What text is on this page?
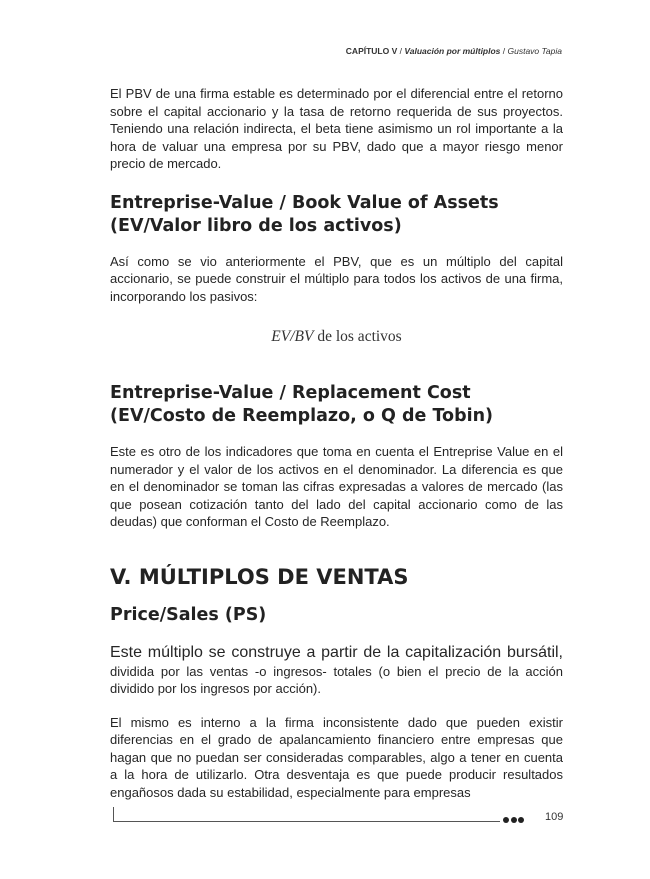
CAPÍTULO V / Valuación por múltiplos / Gustavo Tapia

El PBV de una firma estable es determinado por el diferencial entre el retorno sobre el capital accionario y la tasa de retorno requerida de sus proyectos. Teniendo una relación indirecta, el beta tiene asimismo un rol importante a la hora de valuar una empresa por su PBV, dado que a mayor riesgo menor precio de mercado.

Entreprise-Value / Book Value of Assets (EV/Valor libro de los activos)

Así como se vio anteriormente el PBV, que es un múltiplo del capital accionario, se puede construir el múltiplo para todos los activos de una firma, incorporando los pasivos:

EV/BV de los activos
Entreprise-Value / Replacement Cost (EV/Costo de Reemplazo, o Q de Tobin)

Este es otro de los indicadores que toma en cuenta el Entreprise Value en el numerador y el valor de los activos en el denominador. La diferencia es que en el denominador se toman las cifras expresadas a valores de mercado (las que posean cotización tanto del lado del capital accionario como de las deudas) que conforman el Costo de Reemplazo.

V. MÚLTIPLOS DE VENTAS
Price/Sales (PS)

Este múltiplo se construye a partir de la capitalización bursátil, dividida por las ventas -o ingresos- totales (o bien el precio de la acción dividido por los ingresos por acción).

El mismo es interno a la firma inconsistente dado que pueden existir diferencias en el grado de apalancamiento financiero entre empresas que hagan que no puedan ser consideradas comparables, algo a tener en cuenta a la hora de utilizarlo. Otra desventaja es que puede producir resultados engañosos dada su estabilidad, especialmente para empresas

109
